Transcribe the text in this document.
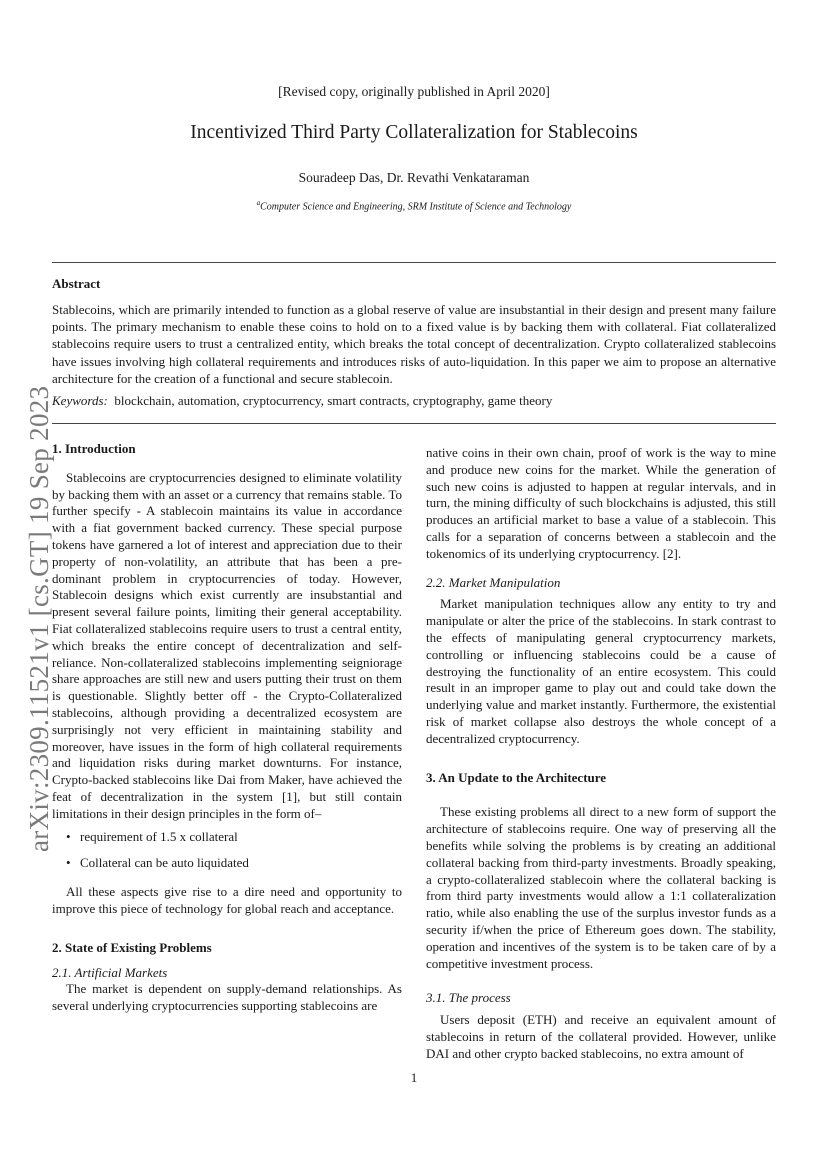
[Revised copy, originally published in April 2020]
Incentivized Third Party Collateralization for Stablecoins
Souradeep Das, Dr. Revathi Venkataraman
$^a$Computer Science and Engineering, SRM Institute of Science and Technology
Abstract
Stablecoins, which are primarily intended to function as a global reserve of value are insubstantial in their design and present many failure points. The primary mechanism to enable these coins to hold on to a fixed value is by backing them with collateral. Fiat collateralized stablecoins require users to trust a centralized entity, which breaks the total concept of decentralization. Crypto collateralized stablecoins have issues involving high collateral requirements and introduces risks of auto-liquidation. In this paper we aim to propose an alternative architecture for the creation of a functional and secure stablecoin.
Keywords: blockchain, automation, cryptocurrency, smart contracts, cryptography, game theory

1. Introduction

Stablecoins are cryptocurrencies designed to eliminate volatility by backing them with an asset or a currency that remains stable. To further specify - A stablecoin maintains its value in accordance with a fiat government backed currency. These special purpose tokens have garnered a lot of interest and appreciation due to their property of non-volatility, an attribute that has been a pre-dominant problem in cryptocurrencies of today. However, Stablecoin designs which exist currently are insubstantial and present several failure points, limiting their general acceptability. Fiat collateralized stablecoins require users to trust a central entity, which breaks the entire concept of decentralization and self-reliance. Non-collateralized stablecoins implementing seigniorage share approaches are still new and users putting their trust on them is questionable. Slightly better off - the Crypto-Collateralized stablecoins, although providing a decentralized ecosystem are surprisingly not very efficient in maintaining stability and moreover, have issues in the form of high collateral requirements and liquidation risks during market downturns. For instance, Crypto-backed stablecoins like Dai from Maker, have achieved the feat of decentralization in the system [1], but still contain limitations in their design principles in the form of–

• requirement of 1.5 x collateral
• Collateral can be auto liquidated

All these aspects give rise to a dire need and opportunity to improve this piece of technology for global reach and acceptance.

2. State of Existing Problems

2.1. Artificial Markets

The market is dependent on supply-demand relationships. As several underlying cryptocurrencies supporting stablecoins are

native coins in their own chain, proof of work is the way to mine and produce new coins for the market. While the generation of such new coins is adjusted to happen at regular intervals, and in turn, the mining difficulty of such blockchains is adjusted, this still produces an artificial market to base a value of a stablecoin. This calls for a separation of concerns between a stablecoin and the tokenomics of its underlying cryptocurrency. [2].

2.2. Market Manipulation

Market manipulation techniques allow any entity to try and manipulate or alter the price of the stablecoins. In stark contrast to the effects of manipulating general cryptocurrency markets, controlling or influencing stablecoins could be a cause of destroying the functionality of an entire ecosystem. This could result in an improper game to play out and could take down the underlying value and market instantly. Furthermore, the existential risk of market collapse also destroys the whole concept of a decentralized cryptocurrency.

3. An Update to the Architecture

These existing problems all direct to a new form of support the architecture of stablecoins require. One way of preserving all the benefits while solving the problems is by creating an additional collateral backing from third-party investments. Broadly speaking, a crypto-collateralized stablecoin where the collateral backing is from third party investments would allow a 1:1 collateralization ratio, while also enabling the use of the surplus investor funds as a security if/when the price of Ethereum goes down. The stability, operation and incentives of the system is to be taken care of by a competitive investment process.

3.1. The process

Users deposit (ETH) and receive an equivalent amount of stablecoins in return of the collateral provided. However, unlike DAI and other crypto backed stablecoins, no extra amount of

arXiv:2309.11521v1 [cs.GT] 19 Sep 2023
1
